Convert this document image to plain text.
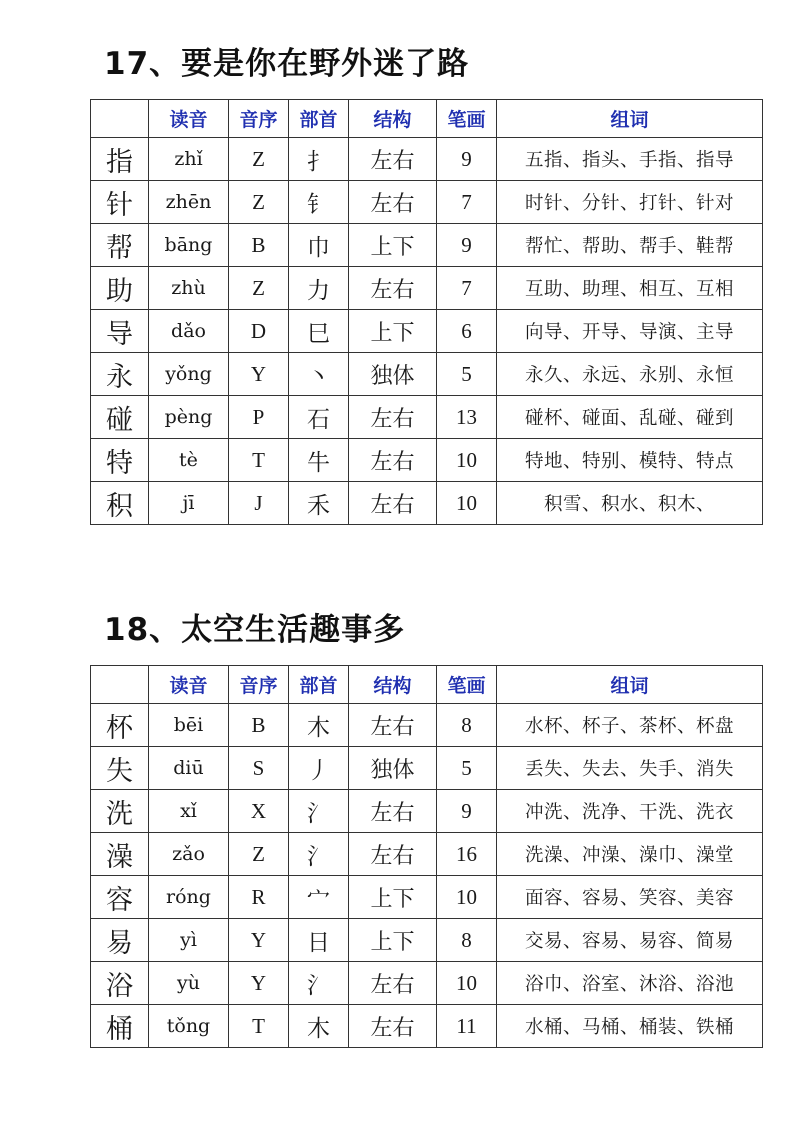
17、要是你在野外迷了路
	读音	音序	部首	结构	笔画	组词
指	zhǐ	Z	扌	左右	9	五指、指头、手指、指导
针	zhēn	Z	钅	左右	7	时针、分针、打针、针对
帮	bāng	B	巾	上下	9	帮忙、帮助、帮手、鞋帮
助	zhù	Z	力	左右	7	互助、助理、相互、互相
导	dǎo	D	巳	上下	6	向导、开导、导演、主导
永	yǒng	Y	丶	独体	5	永久、永远、永别、永恒
碰	pèng	P	石	左右	13	碰杯、碰面、乱碰、碰到
特	tè	T	牛	左右	10	特地、特别、模特、特点
积	jī	J	禾	左右	10	积雪、积水、积木、
18、太空生活趣事多
	读音	音序	部首	结构	笔画	组词
杯	bēi	B	木	左右	8	水杯、杯子、茶杯、杯盘
失	diū	S	丿	独体	5	丢失、失去、失手、消失
洗	xǐ	X	氵	左右	9	冲洗、洗净、干洗、洗衣
澡	zǎo	Z	氵	左右	16	洗澡、冲澡、澡巾、澡堂
容	róng	R	宀	上下	10	面容、容易、笑容、美容
易	yì	Y	日	上下	8	交易、容易、易容、简易
浴	yù	Y	氵	左右	10	浴巾、浴室、沐浴、浴池
桶	tǒng	T	木	左右	11	水桶、马桶、桶装、铁桶
